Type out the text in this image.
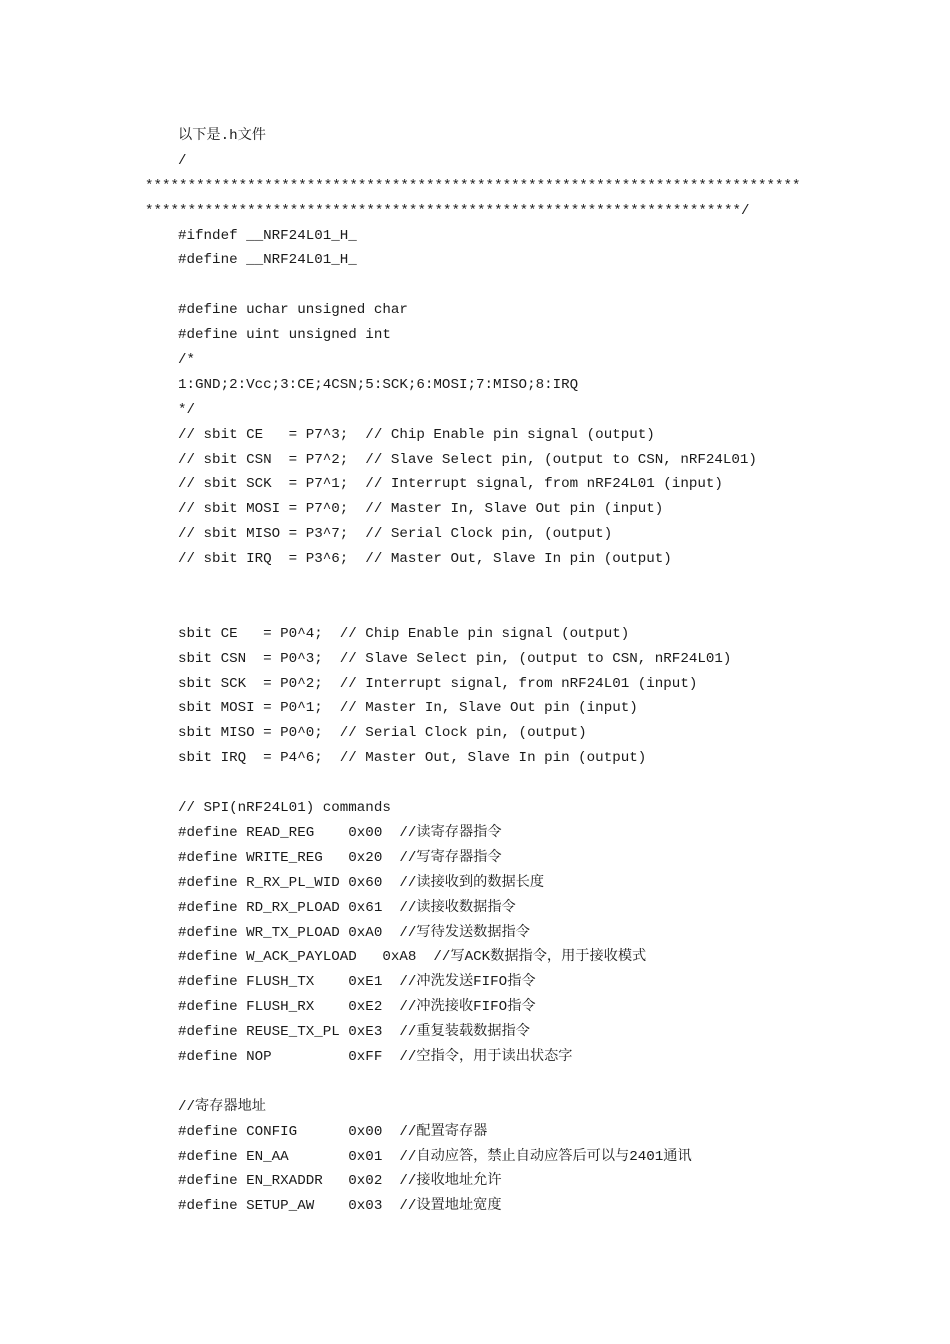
以下是.h文件
/
*****************************************************************************
**********************************************************************/
#ifndef __NRF24L01_H_
#define __NRF24L01_H_
#define uchar unsigned char
#define uint unsigned int
/*
1:GND;2:Vcc;3:CE;4CSN;5:SCK;6:MOSI;7:MISO;8:IRQ
*/
// sbit CE   = P7^3;  // Chip Enable pin signal (output)
// sbit CSN  = P7^2;  // Slave Select pin, (output to CSN, nRF24L01)
// sbit SCK  = P7^1;  // Interrupt signal, from nRF24L01 (input)
// sbit MOSI = P7^0;  // Master In, Slave Out pin (input)
// sbit MISO = P3^7;  // Serial Clock pin, (output)
// sbit IRQ  = P3^6;  // Master Out, Slave In pin (output)
sbit CE   = P0^4;  // Chip Enable pin signal (output)
sbit CSN  = P0^3;  // Slave Select pin, (output to CSN, nRF24L01)
sbit SCK  = P0^2;  // Interrupt signal, from nRF24L01 (input)
sbit MOSI = P0^1;  // Master In, Slave Out pin (input)
sbit MISO = P0^0;  // Serial Clock pin, (output)
sbit IRQ  = P4^6;  // Master Out, Slave In pin (output)
// SPI(nRF24L01) commands
#define READ_REG    0x00  //读寄存器指令
#define WRITE_REG   0x20  //写寄存器指令
#define R_RX_PL_WID 0x60  //读接收到的数据长度
#define RD_RX_PLOAD 0x61  //读接收数据指令
#define WR_TX_PLOAD 0xA0  //写待发送数据指令
#define W_ACK_PAYLOAD   0xA8  //写ACK数据指令，用于接收模式
#define FLUSH_TX    0xE1  //冲洗发送FIFO指令
#define FLUSH_RX    0xE2  //冲洗接收FIFO指令
#define REUSE_TX_PL 0xE3  //重复装载数据指令
#define NOP         0xFF  //空指令，用于读出状态字
//寄存器地址
#define CONFIG      0x00  //配置寄存器
#define EN_AA       0x01  //自动应答，禁止自动应答后可以与2401通讯
#define EN_RXADDR   0x02  //接收地址允许
#define SETUP_AW    0x03  //设置地址宽度
